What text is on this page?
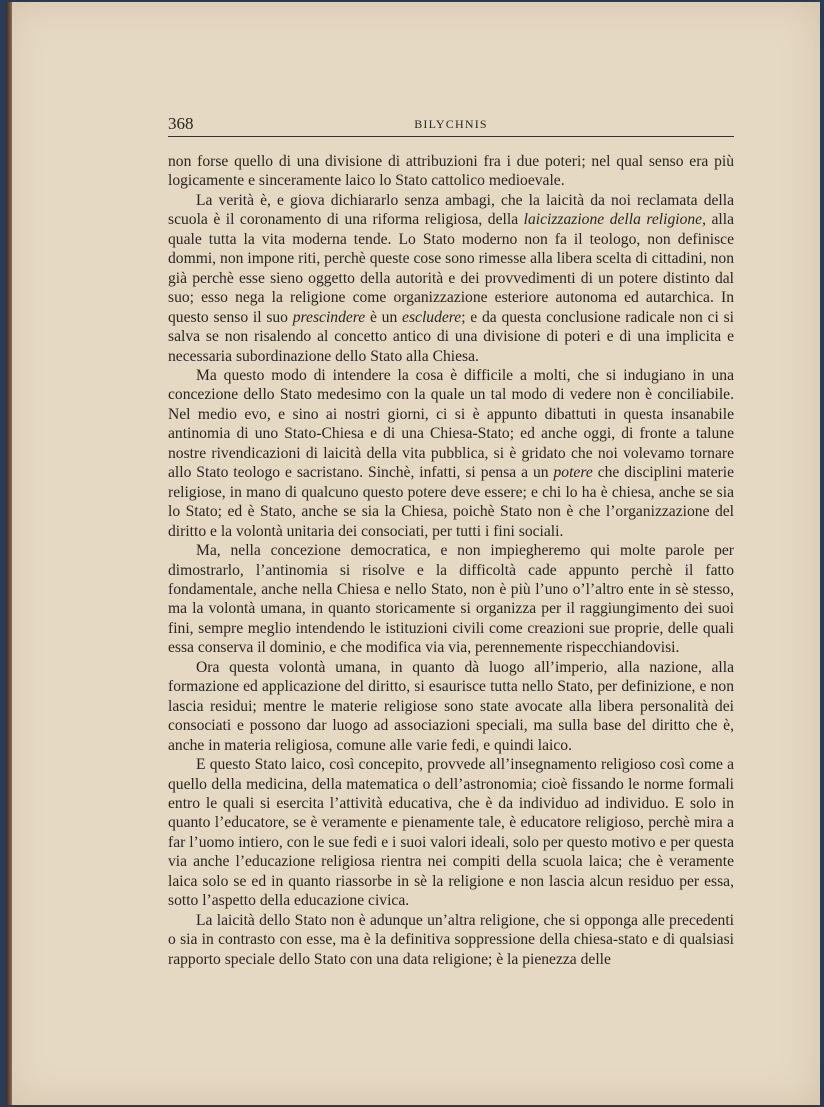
368	BILYCHNIS

non forse quello di una divisione di attribuzioni fra i due poteri; nel qual senso era più logicamente e sinceramente laico lo Stato cattolico medioevale.

La verità è, e giova dichiararlo senza ambagi, che la laicità da noi reclamata della scuola è il coronamento di una riforma religiosa, della laicizzazione della religione, alla quale tutta la vita moderna tende. Lo Stato moderno non fa il teologo, non definisce dommi, non impone riti, perchè queste cose sono rimesse alla libera scelta di cittadini, non già perchè esse sieno oggetto della autorità e dei provvedimenti di un potere distinto dal suo; esso nega la religione come organizzazione esteriore autonoma ed autarchica. In questo senso il suo prescindere è un escludere; e da questa conclusione radicale non ci si salva se non risalendo al concetto antico di una divisione di poteri e di una implicita e necessaria subordinazione dello Stato alla Chiesa.

Ma questo modo di intendere la cosa è difficile a molti, che si indugiano in una concezione dello Stato medesimo con la quale un tal modo di vedere non è conciliabile. Nel medio evo, e sino ai nostri giorni, ci si è appunto dibattuti in questa insanabile antinomia di uno Stato-Chiesa e di una Chiesa-Stato; ed anche oggi, di fronte a talune nostre rivendicazioni di laicità della vita pubblica, si è gridato che noi volevamo tornare allo Stato teologo e sacristano. Sinchè, infatti, si pensa a un potere che disciplini materie religiose, in mano di qualcuno questo potere deve essere; e chi lo ha è chiesa, anche se sia lo Stato; ed è Stato, anche se sia la Chiesa, poichè Stato non è che l’organizzazione del diritto e la volontà unitaria dei consociati, per tutti i fini sociali.

Ma, nella concezione democratica, e non impiegheremo qui molte parole per dimostrarlo, l’antinomia si risolve e la difficoltà cade appunto perchè il fatto fondamentale, anche nella Chiesa e nello Stato, non è più l’uno o’l’altro ente in sè stesso, ma la volontà umana, in quanto storicamente si organizza per il raggiungimento dei suoi fini, sempre meglio intendendo le istituzioni civili come creazioni sue proprie, delle quali essa conserva il dominio, e che modifica via via, perennemente rispecchiandovisi.

Ora questa volontà umana, in quanto dà luogo all’imperio, alla nazione, alla formazione ed applicazione del diritto, si esaurisce tutta nello Stato, per definizione, e non lascia residui; mentre le materie religiose sono state avocate alla libera personalità dei consociati e possono dar luogo ad associazioni speciali, ma sulla base del diritto che è, anche in materia religiosa, comune alle varie fedi, e quindi laico.

E questo Stato laico, così concepito, provvede all’insegnamento religioso così come a quello della medicina, della matematica o dell’astronomia; cioè fissando le norme formali entro le quali si esercita l’attività educativa, che è da individuo ad individuo. E solo in quanto l’educatore, se è veramente e pienamente tale, è educatore religioso, perchè mira a far l’uomo intiero, con le sue fedi e i suoi valori ideali, solo per questo motivo e per questa via anche l’educazione religiosa rientra nei compiti della scuola laica; che è veramente laica solo se ed in quanto riassorbe in sè la religione e non lascia alcun residuo per essa, sotto l’aspetto della educazione civica.

La laicità dello Stato non è adunque un’altra religione, che si opponga alle precedenti o sia in contrasto con esse, ma è la definitiva soppressione della chiesa-stato e di qualsiasi rapporto speciale dello Stato con una data religione; è la pienezza delle
